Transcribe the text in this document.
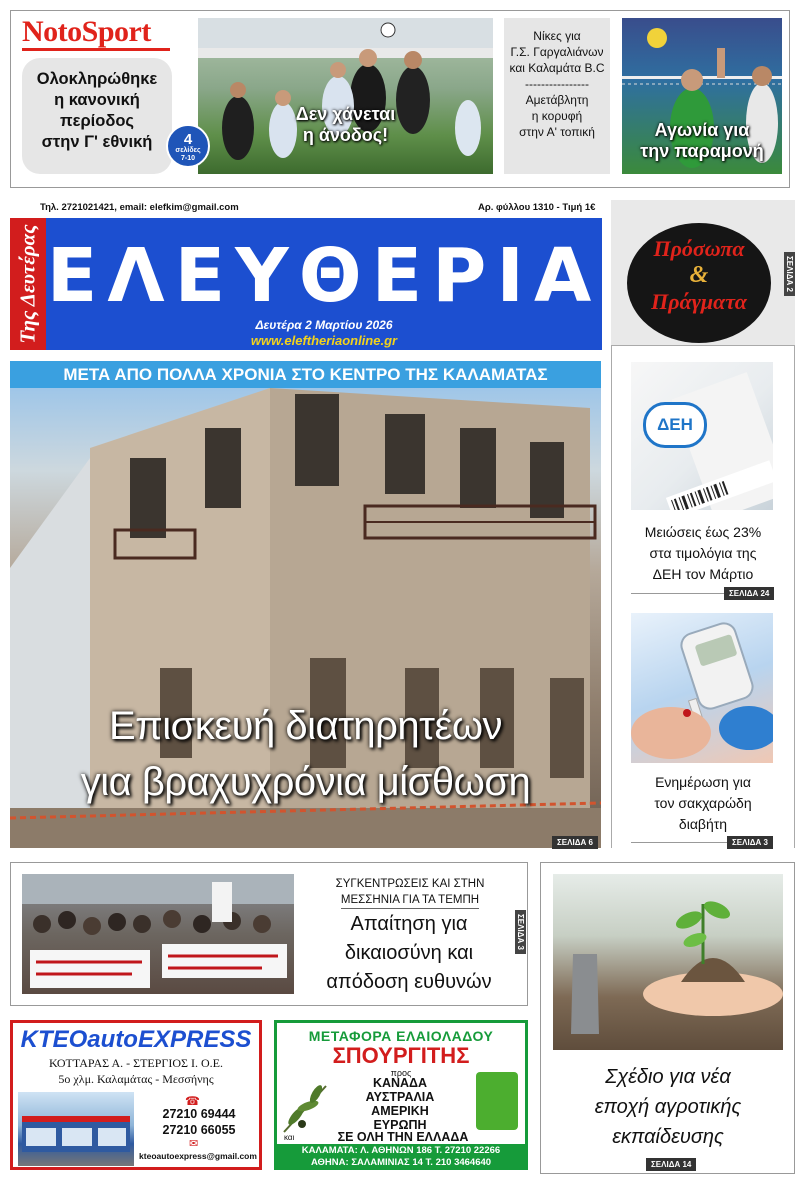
NotoSport
Ολοκληρώθηκε
η κανονική
περίοδος
στην Γ' εθνική
Δεν χάνεται
η άνοδος!
4
σελίδες
7-10
Νίκες για
Γ.Σ. Γαργαλιάνων
και Καλαμάτα B.C
----------------
Αμετάβλητη
η κορυφή
στην Α' τοπική	Αγωνία για
την παραμονή
Τηλ. 2721021421, email: elefkim@gmail.com	Αρ. φύλλου 1310 - Τιμή 1€
Της Δευτέρας ΕΛΕΥΘΕΡΙΑ
Δευτέρα 2 Μαρτίου 2026
www.eleftheriaonline.gr
Πρόσωπα
&
Πράγματα
ΣΕΛΙΔΑ 2
ΔΕΗ
Μειώσεις έως 23%
στα τιμολόγια της
ΔΕΗ τον Μάρτιο
ΣΕΛΙΔΑ 24
Ενημέρωση για
τον σακχαρώδη
διαβήτη
ΣΕΛΙΔΑ 3
ΜΕΤΑ ΑΠΟ ΠΟΛΛΑ ΧΡΟΝΙΑ ΣΤΟ ΚΕΝΤΡΟ ΤΗΣ ΚΑΛΑΜΑΤΑΣ
Επισκευή διατηρητέων
για βραχυχρόνια μίσθωση
ΣΕΛΙΔΑ 6
ΣΥΓΚΕΝΤΡΩΣΕΙΣ ΚΑΙ ΣΤΗΝ
ΜΕΣΣΗΝΙΑ ΓΙΑ ΤΑ ΤΕΜΠΗ
Απαίτηση για
δικαιοσύνη και
απόδοση ευθυνών
ΣΕΛΙΔΑ 3
Σχέδιο για νέα
εποχή αγροτικής
εκπαίδευσης
ΣΕΛΙΔΑ 14
KTEOautoEXPRESS
ΚΟΤΤΑΡΑΣ Α. - ΣΤΕΡΓΙΟΣ Ι. Ο.Ε.
5ο χλμ. Καλαμάτας - Μεσσήνης
☎
27210 69444
27210 66055
✉
kteoautoexpress@gmail.com
ΜΕΤΑΦΟΡΑ ΕΛΑΙΟΛΑΔΟΥ
ΣΠΟΥΡΓΙΤΗΣ
προς
ΚΑΝΑΔΑ
ΑΥΣΤΡΑΛΙΑ
ΑΜΕΡΙΚΗ
ΕΥΡΩΠΗ
και	ΣΕ ΟΛΗ ΤΗΝ ΕΛΛΑΔΑ
ΚΑΛΑΜΑΤΑ: Λ. ΑΘΗΝΩΝ 186 Τ. 27210 22266
ΑΘΗΝΑ: ΣΑΛΑΜΙΝΙΑΣ 14 Τ. 210 3464640
